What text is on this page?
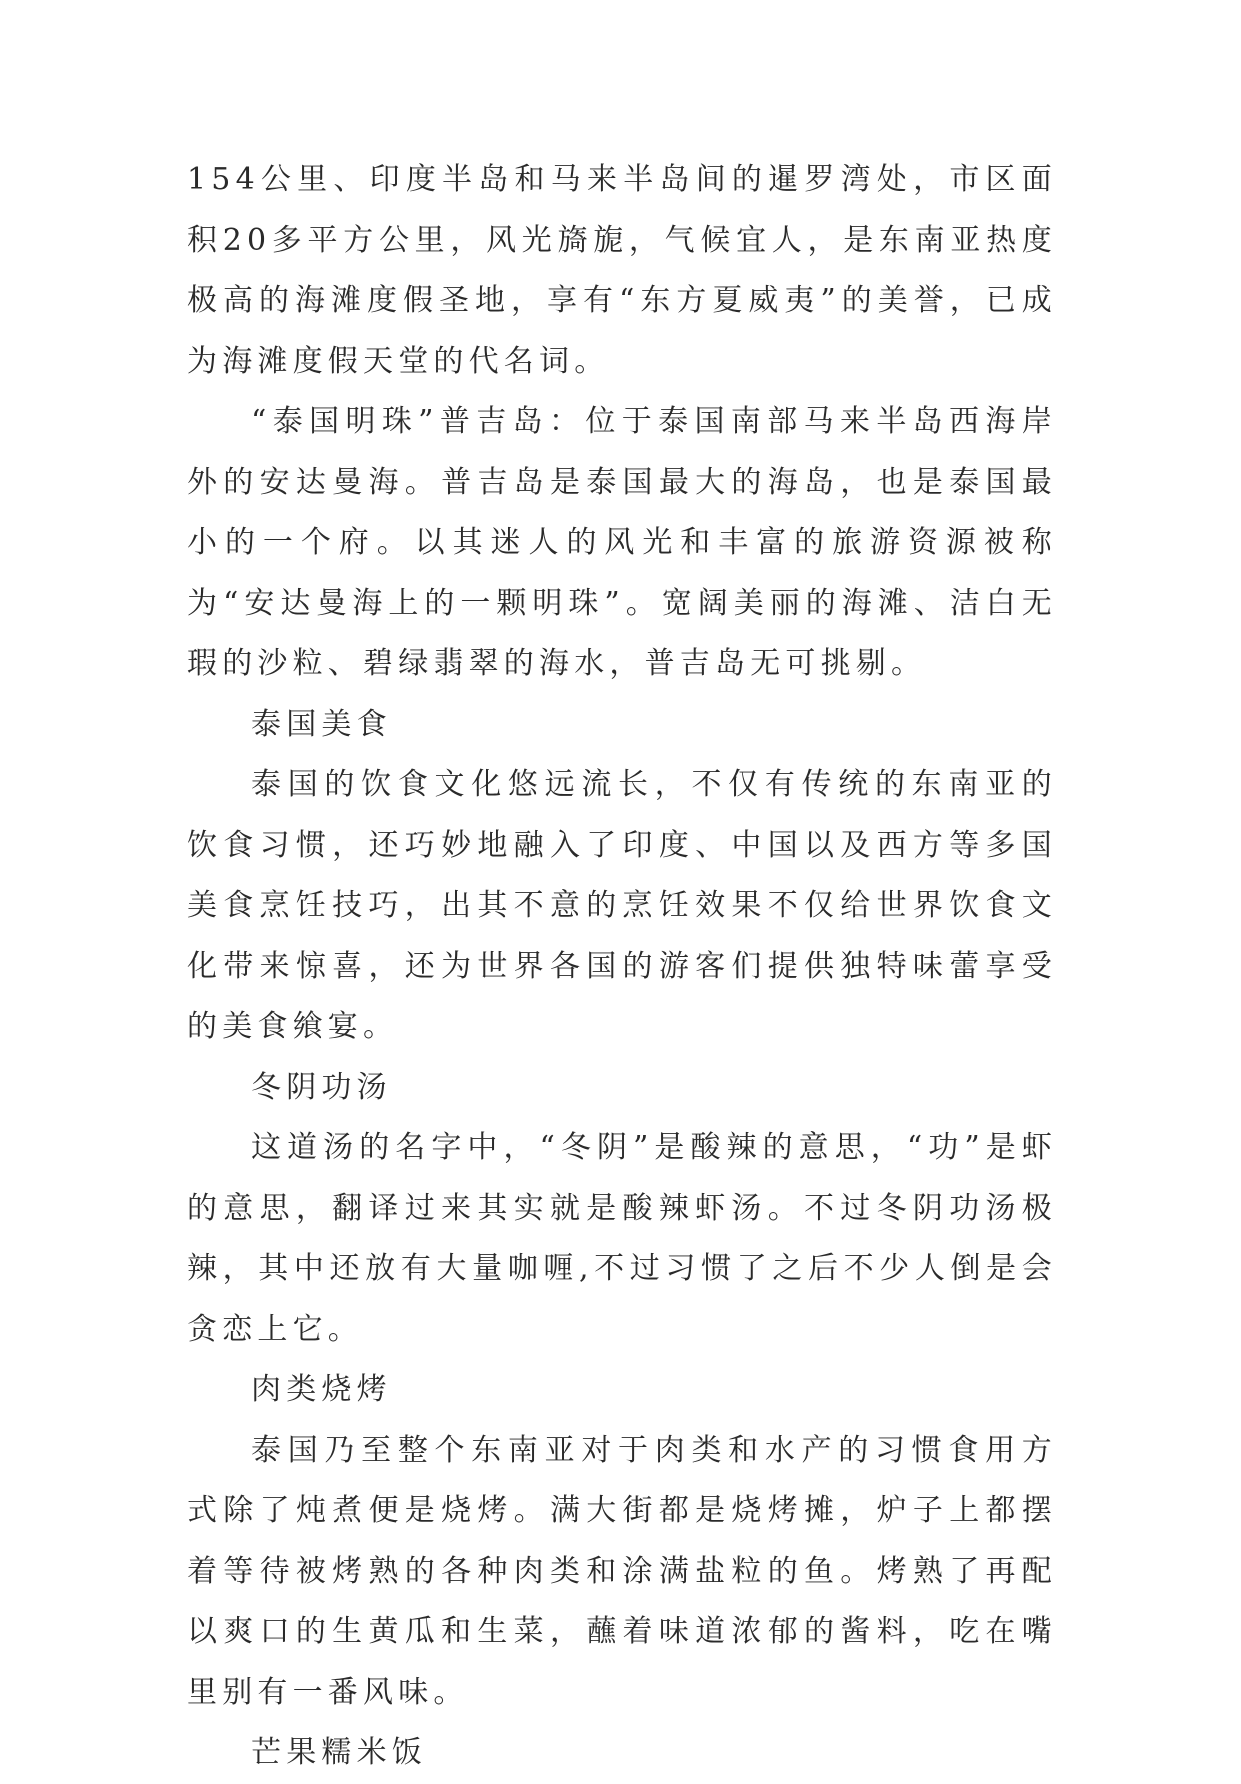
154公里、印度半岛和马来半岛间的暹罗湾处，市区面积20多平方公里，风光旖旎，气候宜人，是东南亚热度极高的海滩度假圣地，享有“东方夏威夷”的美誉，已成为海滩度假天堂的代名词。

“泰国明珠”普吉岛：位于泰国南部马来半岛西海岸外的安达曼海。普吉岛是泰国最大的海岛，也是泰国最小的一个府。以其迷人的风光和丰富的旅游资源被称为“安达曼海上的一颗明珠”。宽阔美丽的海滩、洁白无瑕的沙粒、碧绿翡翠的海水，普吉岛无可挑剔。

泰国美食

泰国的饮食文化悠远流长，不仅有传统的东南亚的饮食习惯，还巧妙地融入了印度、中国以及西方等多国美食烹饪技巧，出其不意的烹饪效果不仅给世界饮食文化带来惊喜，还为世界各国的游客们提供独特味蕾享受的美食飨宴。

冬阴功汤

这道汤的名字中，“冬阴”是酸辣的意思，“功”是虾的意思，翻译过来其实就是酸辣虾汤。不过冬阴功汤极辣，其中还放有大量咖喱,不过习惯了之后不少人倒是会贪恋上它。

肉类烧烤

泰国乃至整个东南亚对于肉类和水产的习惯食用方式除了炖煮便是烧烤。满大街都是烧烤摊，炉子上都摆着等待被烤熟的各种肉类和涂满盐粒的鱼。烤熟了再配以爽口的生黄瓜和生菜，蘸着味道浓郁的酱料，吃在嘴里别有一番风味。

芒果糯米饭
